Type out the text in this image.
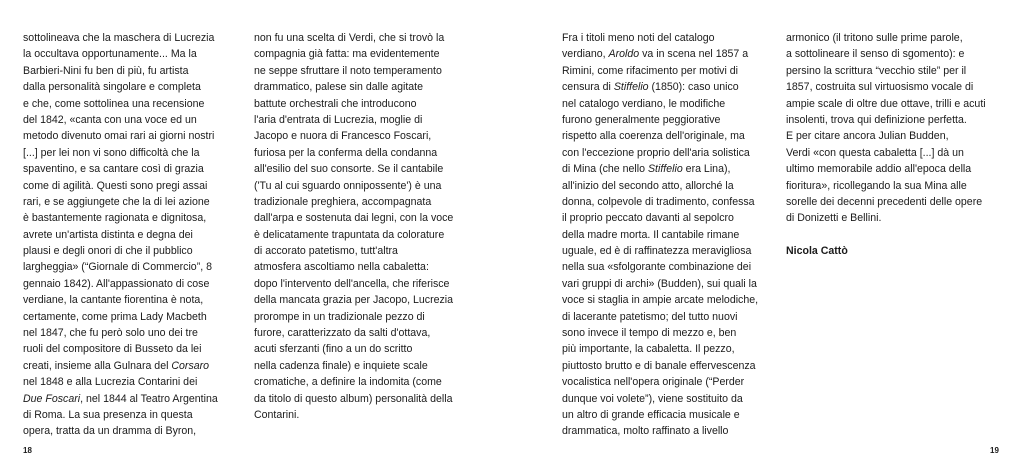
sottolineava che la maschera di Lucrezia
la occultava opportunamente... Ma la
Barbieri-Nini fu ben di più, fu artista
dalla personalità singolare e completa
e che, come sottolinea una recensione
del 1842, «canta con una voce ed un
metodo divenuto omai rari ai giorni nostri
[...] per lei non vi sono difficoltà che la
spaventino, e sa cantare così di grazia
come di agilità. Questi sono pregi assai
rari, e se aggiungete che la di lei azione
è bastantemente ragionata e dignitosa,
avrete un'artista distinta e degna dei
plausi e degli onori di che il pubblico
largheggia» (“Giornale di Commercio”, 8
gennaio 1842). All'appassionato di cose
verdiane, la cantante fiorentina è nota,
certamente, come prima Lady Macbeth
nel 1847, che fu però solo uno dei tre
ruoli del compositore di Busseto da lei
creati, insieme alla Gulnara del Corsaro
nel 1848 e alla Lucrezia Contarini dei
Due Foscari, nel 1844 al Teatro Argentina
di Roma. La sua presenza in questa
opera, tratta da un dramma di Byron,
non fu una scelta di Verdi, che si trovò la
compagnia già fatta: ma evidentemente
ne seppe sfruttare il noto temperamento
drammatico, palese sin dalle agitate
battute orchestrali che introducono
l'aria d'entrata di Lucrezia, moglie di
Jacopo e nuora di Francesco Foscari,
furiosa per la conferma della condanna
all'esilio del suo consorte. Se il cantabile
('Tu al cui sguardo onnipossente') è una
tradizionale preghiera, accompagnata
dall'arpa e sostenuta dai legni, con la voce
è delicatamente trapuntata da colorature
di accorato patetismo, tutt'altra
atmosfera ascoltiamo nella cabaletta:
dopo l'intervento dell'ancella, che riferisce
della mancata grazia per Jacopo, Lucrezia
prorompe in un tradizionale pezzo di
furore, caratterizzato da salti d'ottava,
acuti sferzanti (fino a un do scritto
nella cadenza finale) e inquiete scale
cromatiche, a definire la indomita (come
da titolo di questo album) personalità della
Contarini.
18
Fra i titoli meno noti del catalogo
verdiano, Aroldo va in scena nel 1857 a
Rimini, come rifacimento per motivi di
censura di Stiffelio (1850): caso unico
nel catalogo verdiano, le modifiche
furono generalmente peggiorative
rispetto alla coerenza dell'originale, ma
con l'eccezione proprio dell'aria solistica
di Mina (che nello Stiffelio era Lina),
all'inizio del secondo atto, allorché la
donna, colpevole di tradimento, confessa
il proprio peccato davanti al sepolcro
della madre morta. Il cantabile rimane
uguale, ed è di raffinatezza meravigliosa
nella sua «sfolgorante combinazione dei
vari gruppi di archi» (Budden), sui quali la
voce si staglia in ampie arcate melodiche,
di lacerante patetismo; del tutto nuovi
sono invece il tempo di mezzo e, ben
più importante, la cabaletta. Il pezzo,
piuttosto brutto e di banale effervescenza
vocalistica nell'opera originale (“Perder
dunque voi volete”), viene sostituito da
un altro di grande efficacia musicale e
drammatica, molto raffinato a livello
armonico (il tritono sulle prime parole,
a sottolineare il senso di sgomento): e
persino la scrittura “vecchio stile” per il
1857, costruita sul virtuosismo vocale di
ampie scale di oltre due ottave, trilli e acuti
insolenti, trova qui definizione perfetta.
E per citare ancora Julian Budden,
Verdi «con questa cabaletta [...] dà un
ultimo memorabile addio all'epoca della
fioritura», ricollegando la sua Mina alle
sorelle dei decenni precedenti delle opere
di Donizetti e Bellini.
Nicola Cattò
19
